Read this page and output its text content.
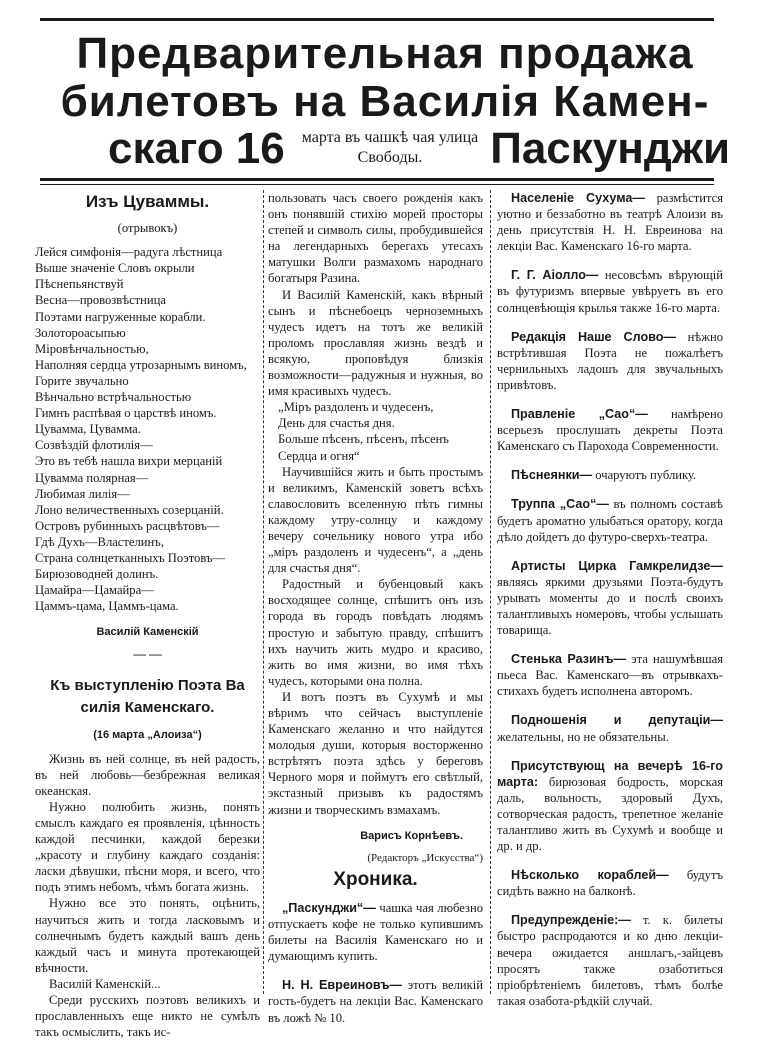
Предварительная продажа
билетовъ на Василія Камен-
скаго 16	марта въ чашкѣ чая улица Свободы.	Паскунджи
Изъ Цуваммы.
(отрывокъ)

Лейся симфонія—радуга лѣстница

Выше значеніе Словъ окрыли

Пѣснепьянствуй

Весна—провозвѣстница

Поэтами нагруженные корабли.

Золотороасыпью

Міровѣнчальностью,

Наполняя сердца утрозарнымъ виномъ,

Горите звучально

Вѣнчально встрѣчальностью

Гимнъ распѣвая о царствѣ иномъ.

Цувамма, Цувамма.

Созвѣздій флотилія—

Это въ тебѣ нашла вихри мерцаній

Цувамма полярная—

Любимая лилія—

Лоно величественныхъ созерцаній.

Островъ рубинныхъ расцвѣтовъ—

Гдѣ Духъ—Властелинъ,

Страна солнцетканныхъ Поэтовъ—

Бирюзоводней долинъ.

Цамайра—Цамайра—

Цаммъ-цама, Цаммъ-цама.

Василій Каменскій
— —
Къ выступленію Поэта Ва силія Каменскаго.
(16 марта „Алоиза“)

Жизнь въ ней солнце, въ ней радость, въ ней любовь—безбрежная великая океанская.

Нужно полюбить жизнь, понять смыслъ каждаго ея проявленія, цѣнность каждой песчинки, каждой березки „красоту и глубину каждаго созданія: ласки дѣвушки, пѣсни моря, и всего, что подъ этимъ небомъ, чѣмъ богата жизнь.

Нужно все это понять, оцѣнить, научиться жить и тогда ласковымъ и солнечнымъ будетъ каждый вашъ день каждый часъ и минута протекающей вѣчности.

Василій Каменскій...

Среди русскихъ поэтовъ великихъ и прославленныхъ еще никто не сумѣлъ такъ осмыслить, такъ ис-

пользовать часъ своего рожденія какъ онъ понявшій стихію морей просторы степей и символъ силы, пробудившейся на легендарныхъ берегахъ утесахъ матушки Волги размахомъ народнаго богатыря Разина.

И Василій Каменскій, какъ вѣрный сынъ и пѣснебоецъ черноземныхъ чудесъ идетъ на тотъ же великій проломъ прославляя жизнь вездѣ и всякую, проповѣдуя близкія возможности—радужныя и нужныя, во имя красивыхъ чудесъ.

„Міръ раздоленъ и чудесенъ,

День для счастья дня.

Больше пѣсенъ, пѣсенъ, пѣсенъ

Сердца и огня“

Научившійся жить и быть простымъ и великимъ, Каменскій зоветъ всѣхъ славословить вселенную пѣть гимны каждому утру-солнцу и каждому вечеру сочельнику нового утра ибо „міръ раздоленъ и чудесенъ“, а „день для счастья дня“.

Радостный и бубенцовый какъ восходящее солнце, спѣшитъ онъ изъ города въ городъ повѣдать людямъ простую и забытую правду, спѣшитъ ихъ научить жить мудро и красиво, жить во имя жизни, во имя тѣхъ чудесъ, которыми она полна.

И вотъ поэтъ въ Сухумѣ и мы вѣримъ что сейчасъ выступленіе Каменскаго желанно и что найдутся молодыя души, которыя восторженно встрѣтятъ поэта здѣсь у береговъ Черного моря и поймутъ его свѣтлый, экстазный призывъ къ радостямъ жизни и творческимъ взмахамъ.

Варисъ Корнѣевъ.
(Редакторъ „Искусства“)
Хроника.

„Паскунджи“— чашка чая любезно отпускаетъ кофе не только купившимъ билеты на Василія Каменскаго но и думающимъ купить.

Н. Н. Евреиновъ— этотъ великій гость-будетъ на лекціи Вас. Каменскаго въ ложѣ № 10.

Населеніе Сухума— размѣстится уютно и беззаботно въ театрѣ Алоизи въ день присутствія Н. Н. Евреинова на лекціи Вас. Каменскаго 16-го марта.

Г. Г. Аіолло— несовсѣмъ вѣрующій въ футуризмъ впервые увѣруетъ въ его солнцевѣющія крылья также 16-го марта.

Редакція Наше Слово— нѣжно встрѣтившая Поэта не пожалѣетъ чернильныхъ ладошъ для звучальныхъ привѣтовъ.

Правленіе „Сао“— намѣрено всерьезъ прослушать декреты Поэта Каменскаго съ Парохода Современности.

Пѣснеянки— очаруютъ публику.

Труппа „Сао“— въ полномъ составѣ будетъ ароматно улыбаться оратору, когда дѣло дойдетъ до футуро-сверхъ-театра.

Артисты Цирка Гамкрелидзе— являясь яркими друзьями Поэта-будутъ урывать моменты до и послѣ своихъ талантливыхъ номеровъ, чтобы услышать товарища.

Стенька Разинъ— эта нашумѣвшая пьеса Вас. Каменскаго—въ отрывкахъ-стихахъ будетъ исполнена авторомъ.

Подношенія и депутаціи— желательны, но не обязательны.

Присутствующ на вечерѣ 16-го марта: бирюзовая бодрость, морская даль, вольность, здоровый Духъ, сотворческая радость, трепетное желаніе талантливо жить въ Сухумѣ и вообще и др. и др.

Нѣсколько кораблей— будутъ сидѣть важно на балконѣ.

Предупрежденіе:— т. к. билеты быстро распродаются и ко дню лекціи-вечера ожидается аншлагъ,-зайцевъ просятъ также озаботиться пріобрѣтеніемъ билетовъ, тѣмъ болѣе такая озабота-рѣдкій случай.
